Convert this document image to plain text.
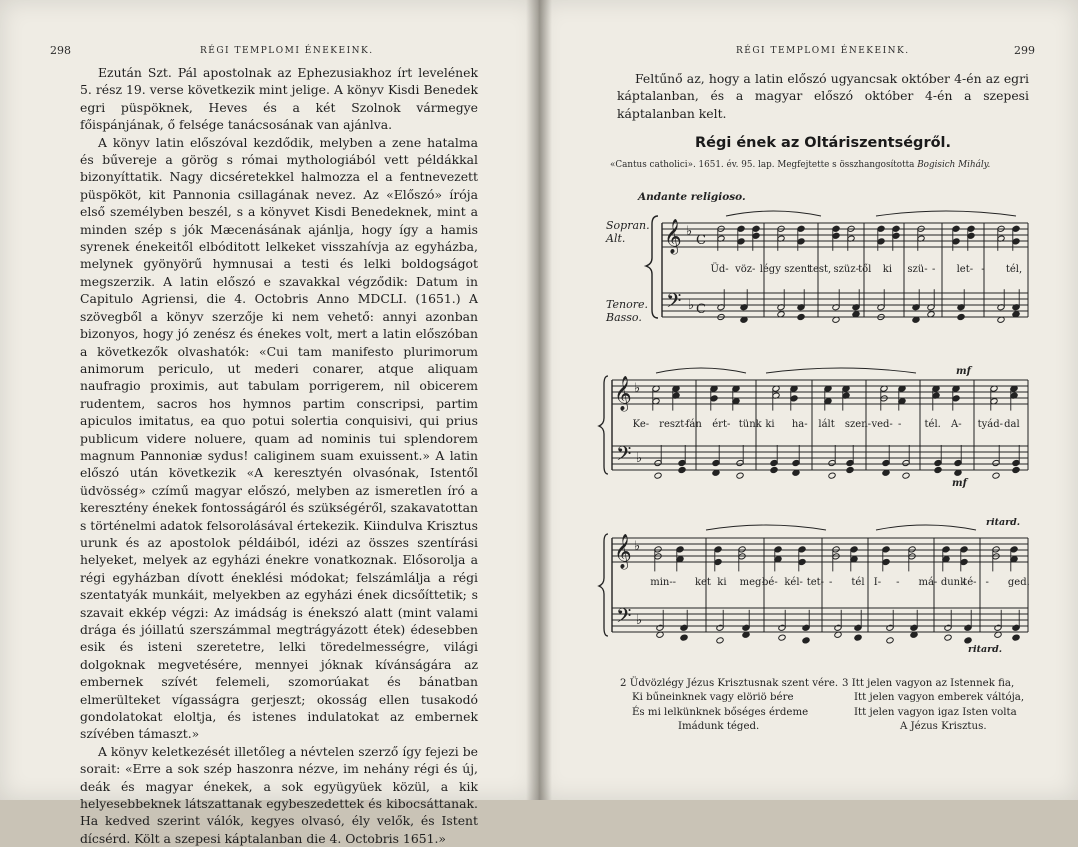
298	RÉGI TEMPLOMI ÉNEKEINK.

Ezután Szt. Pál apostolnak az Ephezusiakhoz írt levelének 5. rész 19. verse következik mint jelige. A könyv Kisdi Benedek egri püspöknek, Heves és a két Szolnok vármegye főispánjának, ő felsége tanácsosának van ajánlva.

A könyv latin előszóval kezdődik, melyben a zene hatalma és bűvereje a görög s római mythologiából vett példákkal bizonyíttatik. Nagy dicséretekkel halmozza el a fentnevezett püspököt, kit Pannonia csillagának nevez. Az «Előszó» írója első személyben beszél, s a könyvet Kisdi Benedeknek, mint a minden szép s jók Mæcenásának ajánlja, hogy így a hamis syrenek énekeitől elbóditott lelkeket visszahívja az egyházba, melynek gyönyörű hymnusai a testi és lelki boldogságot megszerzik. A latin előszó e szavakkal végződik: Datum in Capitulo Agriensi, die 4. Octobris Anno MDCLI. (1651.) A szövegből a könyv szerzője ki nem vehető: annyi azonban bizonyos, hogy jó zenész és énekes volt, mert a latin előszóban a következők olvashatók: «Cui tam manifesto plurimorum animorum periculo, ut mederi conarer, atque aliquam naufragio proximis, aut tabulam porrigerem, nil obicerem rudentem, sacros hos hymnos partim conscripsi, partim apiculos imitatus, ea quo potui solertia conquisivi, qui prius publicum videre noluere, quam ad nominis tui splendorem magnum Pannoniæ sydus! caliginem suam exuissent.» A latin előszó után következik «A keresztyén olvasónak, Istentől üdvösség» czímű magyar előszó, melyben az ismeretlen író a keresztény énekek fontosságáról és szükségéről, szakavatottan s történelmi adatok felsorolásával értekezik. Kiindulva Krisztus urunk és az apostolok példáiból, idézi az összes szentírási helyeket, melyek az egyházi énekre vonatkoznak. Elősorolja a régi egyházban dívott éneklési módokat; felszámlálja a régi szentatyák munkáit, melyekben az egyházi ének dicsőíttetik; s szavait ekkép végzi: Az imádság is énekszó alatt (mint valami drága és jóillatú szerszámmal megtrágyázott étek) édesebben esik és isteni szeretetre, lelki töredelmességre, világi dolgoknak megvetésére, mennyei jóknak kívánságára az embernek szívét felemeli, szomorúakat és bánatban elmerülteket vígasságra gerjeszt; okosság ellen tusakodó gondolatokat eloltja, és istenes indulatokat az embernek szívében támaszt.»

A könyv keletkezését illetőleg a névtelen szerző így fejezi be sorait: «Erre a sok szép haszonra nézve, im nehány régi és új, deák és magyar énekek, a sok együgyüek közül, a kik helyesebbeknek látszattanak egybeszedettek és kibocsáttanak. Ha kedved szerint válók, kegyes olvasó, ély velők, és Istent dícsérd. Költ a szepesi káptalanban die 4. Octobris 1651.»

RÉGI TEMPLOMI ÉNEKEINK.	299
Feltűnő az, hogy a latin előszó ugyancsak október 4-én az egri káptalanban, és a magyar előszó október 4-én a szepesi káptalanban kelt.
Régi ének az Oltáriszentségről.
«Cantus catholici». 1651. év. 95. lap. Megfejtette s összhangosította Bogisich Mihály.
Andante religioso.
Sopran.
Alt.
Tenore.
Basso.
𝄞 ♭
𝄢 ♭
C
C
Üd- vöz- légy szent
test, szüz- től ki szü- - let- - tél,
𝄞 ♭
𝄢 ♭
mf
mf
Ke- reszt-
fán ért- tünk ki ha- lált szen- ved- - tél. A- tyád- dal
𝄞 ♭
𝄢 ♭
ritard.
ritard.
min- - ket ki meg-
bé- kél- tet- - tél I- - má- dunk
té- - ged.
2 Üdvözlégy Jézus Krisztusnak szent vére.
Ki bűneinknek vagy elöriö bére
És mi lelkünknek bőséges érdeme
Imádunk téged.
3 Itt jelen vagyon az Istennek fia,
Itt jelen vagyon emberek váltója,
Itt jelen vagyon igaz Isten volta
A Jézus Krisztus.
